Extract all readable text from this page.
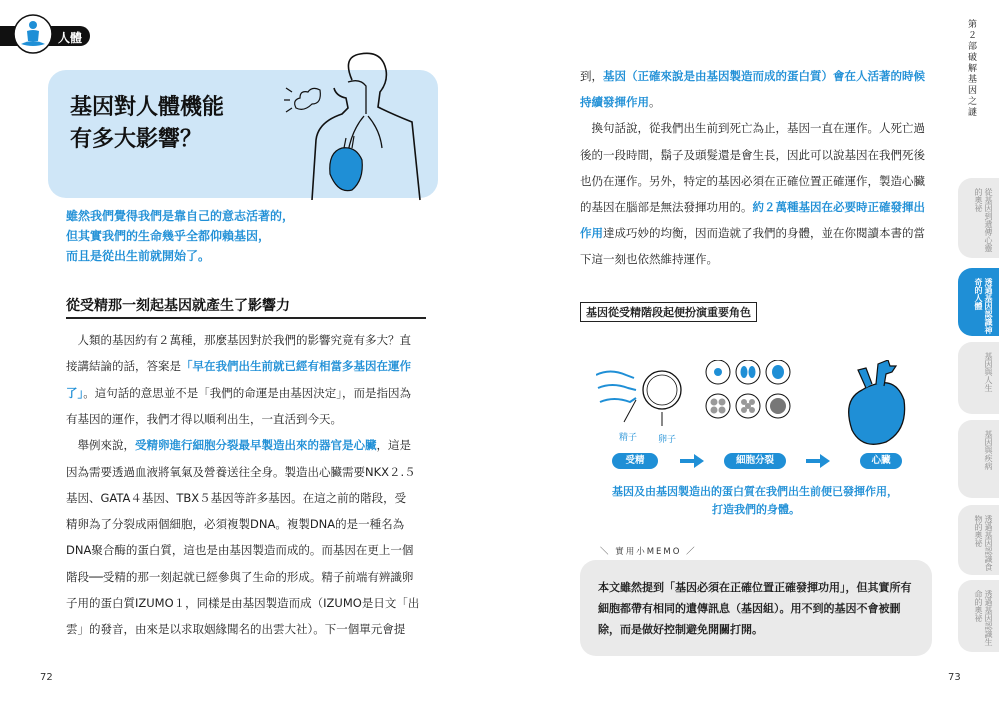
人體
基因對人體機能
有多大影響？
雖然我們覺得我們是靠自己的意志活著的，
但其實我們的生命幾乎全都仰賴基因，
而且是從出生前就開始了。
從受精那一刻起基因就產生了影響力
　人類的基因約有２萬種，那麼基因對於我們的影響究竟有多大？直
接講結論的話，答案是「早在我們出生前就已經有相當多基因在運作
了」。這句話的意思並不是「我們的命運是由基因決定」，而是指因為
有基因的運作，我們才得以順利出生，一直活到今天。
　舉例來說，受精卵進行細胞分裂最早製造出來的器官是心臟，這是
因為需要透過血液將氧氣及營養送往全身。製造出心臟需要NKX２.５
基因、GATA４基因、TBX５基因等許多基因。在這之前的階段，受
精卵為了分裂成兩個細胞，必須複製DNA。複製DNA的是一種名為
DNA聚合酶的蛋白質，這也是由基因製造而成的。而基因在更上一個
階段──受精的那一刻起就已經參與了生命的形成。精子前端有辨識卵
子用的蛋白質IZUMO１，同樣是由基因製造而成（IZUMO是日文「出
雲」的發音，由來是以求取姻緣聞名的出雲大社）。下一個單元會提
72
到，基因（正確來說是由基因製造而成的蛋白質）會在人活著的時候
持續發揮作用。
　換句話說，從我們出生前到死亡為止，基因一直在運作。人死亡過
後的一段時間，鬍子及頭髮還是會生長，因此可以說基因在我們死後
也仍在運作。另外，特定的基因必須在正確位置正確運作，製造心臟
的基因在腦部是無法發揮功用的。約２萬種基因在必要時正確發揮出
作用達成巧妙的均衡，因而造就了我們的身體，並在你閱讀本書的當
下這一刻也依然維持運作。
基因從受精階段起便扮演重要角色
精子 卵子
受精	細胞分裂	心臟
基因及由基因製造出的蛋白質在我們出生前便已發揮作用，
打造我們的身體。
＼ 實用小MEMO ／
本文雖然提到「基因必須在正確位置正確發揮功用」，但其實所有
細胞都帶有相同的遺傳訊息（基因組）。用不到的基因不會被刪
除，而是做好控制避免開關打開。
第２部　破解基因之謎
從基因到遺傳心靈的奧祕
透過基因認識神奇的人體
基因與人生
基因與疾病
透過基因認識食物的奧祕
透過基因認識生命的奧祕
73
